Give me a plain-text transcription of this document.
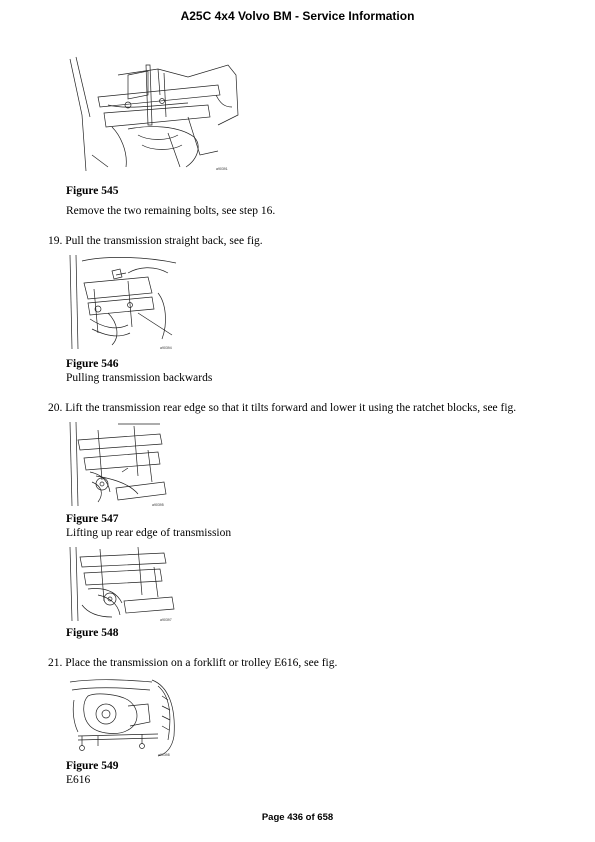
A25C 4x4 Volvo BM - Service Information
a90391
Figure 545
Remove the two remaining bolts, see step 16.
19. Pull the transmission straight back, see fig.
a90394
Figure 546
Pulling transmission backwards
20. Lift the transmission rear edge so that it tilts forward and lower it using the ratchet blocks, see fig.
a90395
Figure 547
Lifting up rear edge of transmission
a90397
Figure 548
21. Place the transmission on a forklift or trolley E616, see fig.
a90398
Figure 549
E616
Page 436 of 658
